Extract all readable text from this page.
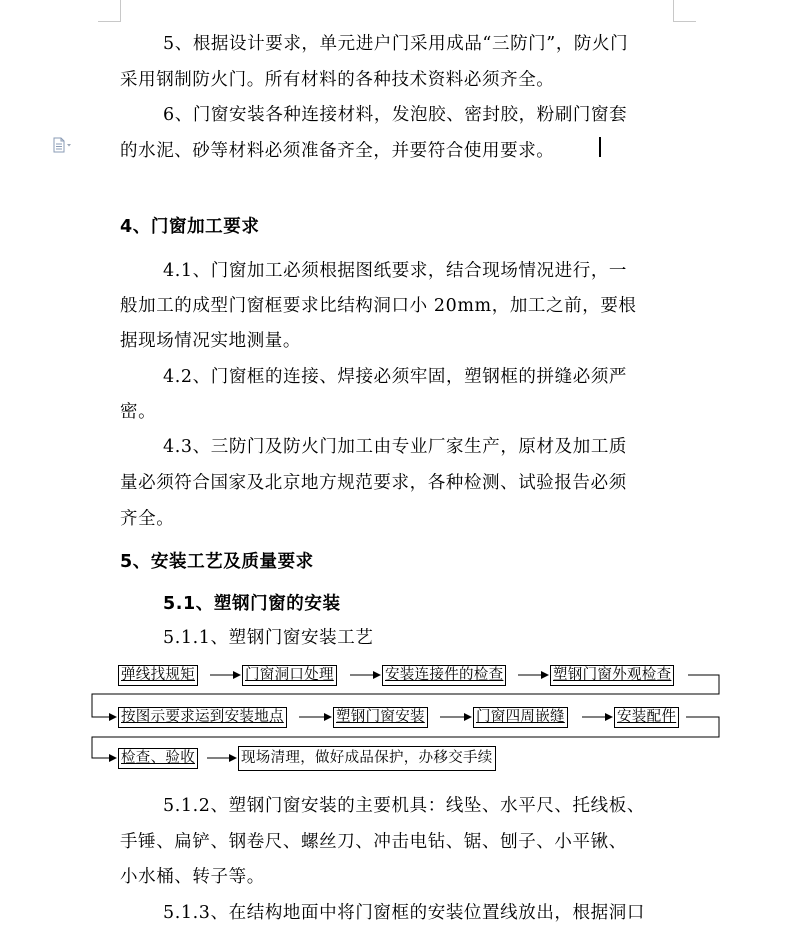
5、根据设计要求，单元进户门采用成品“三防门”，防火门
采用钢制防火门。所有材料的各种技术资料必须齐全。
6、门窗安装各种连接材料，发泡胶、密封胶，粉刷门窗套
的水泥、砂等材料必须准备齐全，并要符合使用要求。
4、门窗加工要求
4.1、门窗加工必须根据图纸要求，结合现场情况进行，一
般加工的成型门窗框要求比结构洞口小 20mm，加工之前，要根
据现场情况实地测量。
4.2、门窗框的连接、焊接必须牢固，塑钢框的拼缝必须严
密。
4.3、三防门及防火门加工由专业厂家生产，原材及加工质
量必须符合国家及北京地方规范要求，各种检测、试验报告必须
齐全。
5、安装工艺及质量要求
5.1、塑钢门窗的安装
5.1.1、塑钢门窗安装工艺
弹线找规矩	门窗洞口处理	安装连接件的检查	塑钢门窗外观检查
按图示要求运到安装地点	塑钢门窗安装	门窗四周嵌缝	安装配件
检查、验收	现场清理，做好成品保护，办移交手续
5.1.2、塑钢门窗安装的主要机具：线坠、水平尺、托线板、
手锤、扁铲、钢卷尺、螺丝刀、冲击电钻、锯、刨子、小平锹、
小水桶、转子等。
5.1.3、在结构地面中将门窗框的安装位置线放出，根据洞口
